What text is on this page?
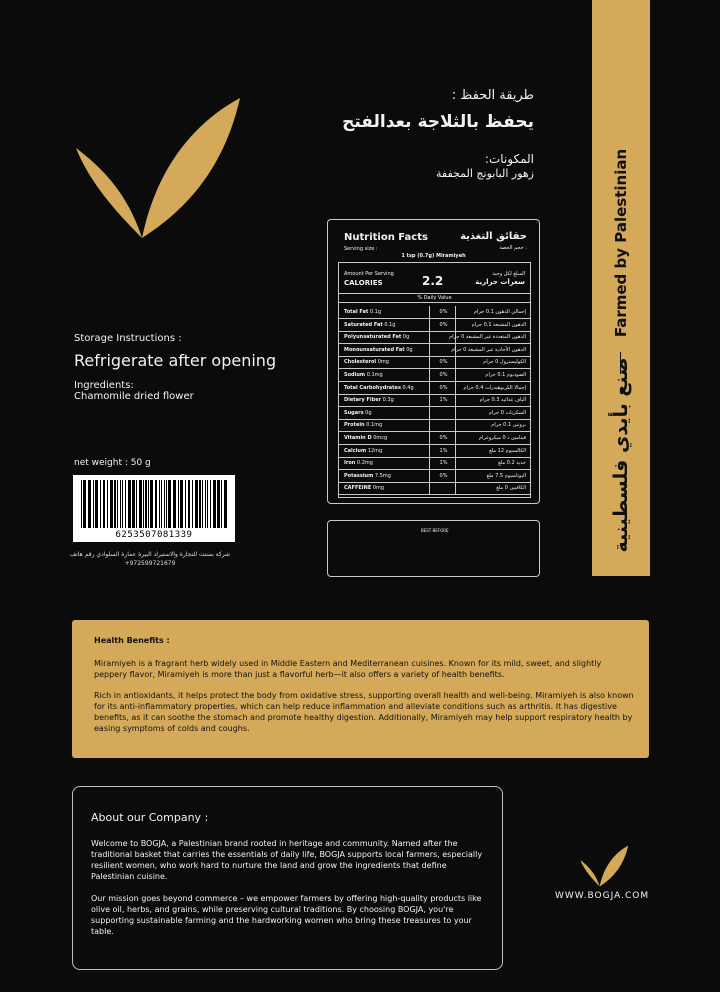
طريقة الحفظ :
يحفظ بالثلاجة بعدالفتح
المكونات:
زهور البابونج المجففة	Farmed by Palestinian
صنع بأيدي فلسطينية
Storage Instructions :
Refrigerate after opening
Ingredients:
Chamomile dried flower
net weight : 50 g
6253507081339
شركة بستت للتجارة والاستيراد البيرة عمارة السلوادي رقم هاتف
+972599721679
Nutrition Facts	حقائق التغذية
Serving size :	حجم الحصة :
1 tsp (0.7g) Miramiyeh
Amount Per Serving
CALORIES	2.2	المبلغ لكل وجبة
سعرات حرارية
% Daily Value
Total Fat 0.1g	0%	إجمالي الدهون 0.1 جرام
Saturated Fat 0.1g	0%	الدهون المشبعة 0.1 جرام
Polyunsaturated Fat 0g	الدهون المتعددة غير المشبعة 0 جرام
Monounsaturated Fat 0g	الدهون الأحادية غير المشبعة 0 جرام
Cholesterol 0mg	0%	الكوليسترول 0 جرام
Sodium 0.1mg	0%	الصوديوم 0.1 جرام
Total Carbohydrates 0.4g	0%	إجمالا الكربوهيدرات 0.4 جرام
Dietary Fiber 0.3g	1%	ألياف غذائية 0.3 جرام
Sugars 0g	السكريات 0 جرام
Protein 0.1mg	بروتين 0.1 جرام
Vitamin D 0mcg	0%	فيتامين د 0 ميكروغرام
Calcium 12mg	1%	الكالسيوم 12 ملغ
Iron 0.2mg	1%	حديد 0.2 ملغ
Potassium 7.5mg	0%	البوتاسيوم 7.5 ملغ
CAFFEINE 0mg	الكافيين 0 ملغ
BEST BEFORE
Health Benefits :
Miramiyeh is a fragrant herb widely used in Middle Eastern and Mediterranean cuisines. Known for its mild, sweet, and slightly peppery flavor, Miramiyeh is more than just a flavorful herb—it also offers a variety of health benefits.
Rich in antioxidants, it helps protect the body from oxidative stress, supporting overall health and well-being. Miramiyeh is also known for its anti-inflammatory properties, which can help reduce inflammation and alleviate conditions such as arthritis. It has digestive benefits, as it can soothe the stomach and promote healthy digestion. Additionally, Miramiyeh may help support respiratory health by easing symptoms of colds and coughs.
About our Company :
Welcome to BOGJA, a Palestinian brand rooted in heritage and community. Named after the traditional basket that carries the essentials of daily life, BOGJA supports local farmers, especially resilient women, who work hard to nurture the land and grow the ingredients that define Palestinian cuisine.
Our mission goes beyond commerce – we empower farmers by offering high-quality products like olive oil, herbs, and grains, while preserving cultural traditions. By choosing BOGJA, you're supporting sustainable farming and the hardworking women who bring these treasures to your table.
WWW.BOGJA.COM
